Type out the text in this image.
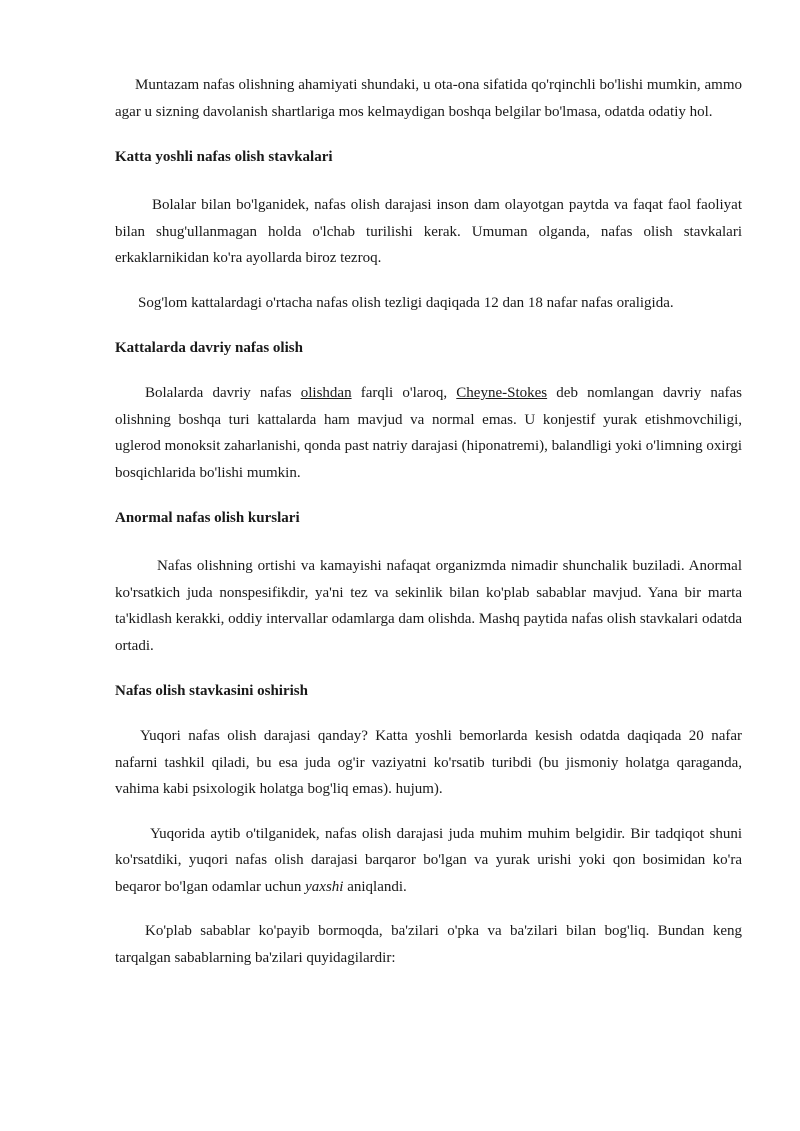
Muntazam nafas olishning ahamiyati shundaki, u ota-ona sifatida qo'rqinchli bo'lishi mumkin, ammo agar u sizning davolanish shartlariga mos kelmaydigan boshqa belgilar bo'lmasa, odatda odatiy hol.

Katta yoshli nafas olish stavkalari

Bolalar bilan bo'lganidek, nafas olish darajasi inson dam olayotgan paytda va faqat faol faoliyat bilan shug'ullanmagan holda o'lchab turilishi kerak. Umuman olganda, nafas olish stavkalari erkaklarnikidan ko'ra ayollarda biroz tezroq.

Sog'lom kattalardagi o'rtacha nafas olish tezligi daqiqada 12 dan 18 nafar nafas oraligida.

Kattalarda davriy nafas olish

Bolalarda davriy nafas olishdan farqli o'laroq, Cheyne-Stokes deb nomlangan davriy nafas olishning boshqa turi kattalarda ham mavjud va normal emas. U konjestif yurak etishmovchiligi, uglerod monoksit zaharlanishi, qonda past natriy darajasi (hiponatremi), balandligi yoki o'limning oxirgi bosqichlarida bo'lishi mumkin.

Anormal nafas olish kurslari

Nafas olishning ortishi va kamayishi nafaqat organizmda nimadir shunchalik buziladi. Anormal ko'rsatkich juda nonspesifikdir, ya'ni tez va sekinlik bilan ko'plab sabablar mavjud. Yana bir marta ta'kidlash kerakki, oddiy intervallar odamlarga dam olishda. Mashq paytida nafas olish stavkalari odatda ortadi.

Nafas olish stavkasini oshirish

Yuqori nafas olish darajasi qanday? Katta yoshli bemorlarda kesish odatda daqiqada 20 nafar nafarni tashkil qiladi, bu esa juda og'ir vaziyatni ko'rsatib turibdi (bu jismoniy holatga qaraganda, vahima kabi psixologik holatga bog'liq emas). hujum).

Yuqorida aytib o'tilganidek, nafas olish darajasi juda muhim muhim belgidir. Bir tadqiqot shuni ko'rsatdiki, yuqori nafas olish darajasi barqaror bo'lgan va yurak urishi yoki qon bosimidan ko'ra beqaror bo'lgan odamlar uchun yaxshi aniqlandi.

Ko'plab sabablar ko'payib bormoqda, ba'zilari o'pka va ba'zilari bilan bog'liq. Bundan keng tarqalgan sabablarning ba'zilari quyidagilardir:
